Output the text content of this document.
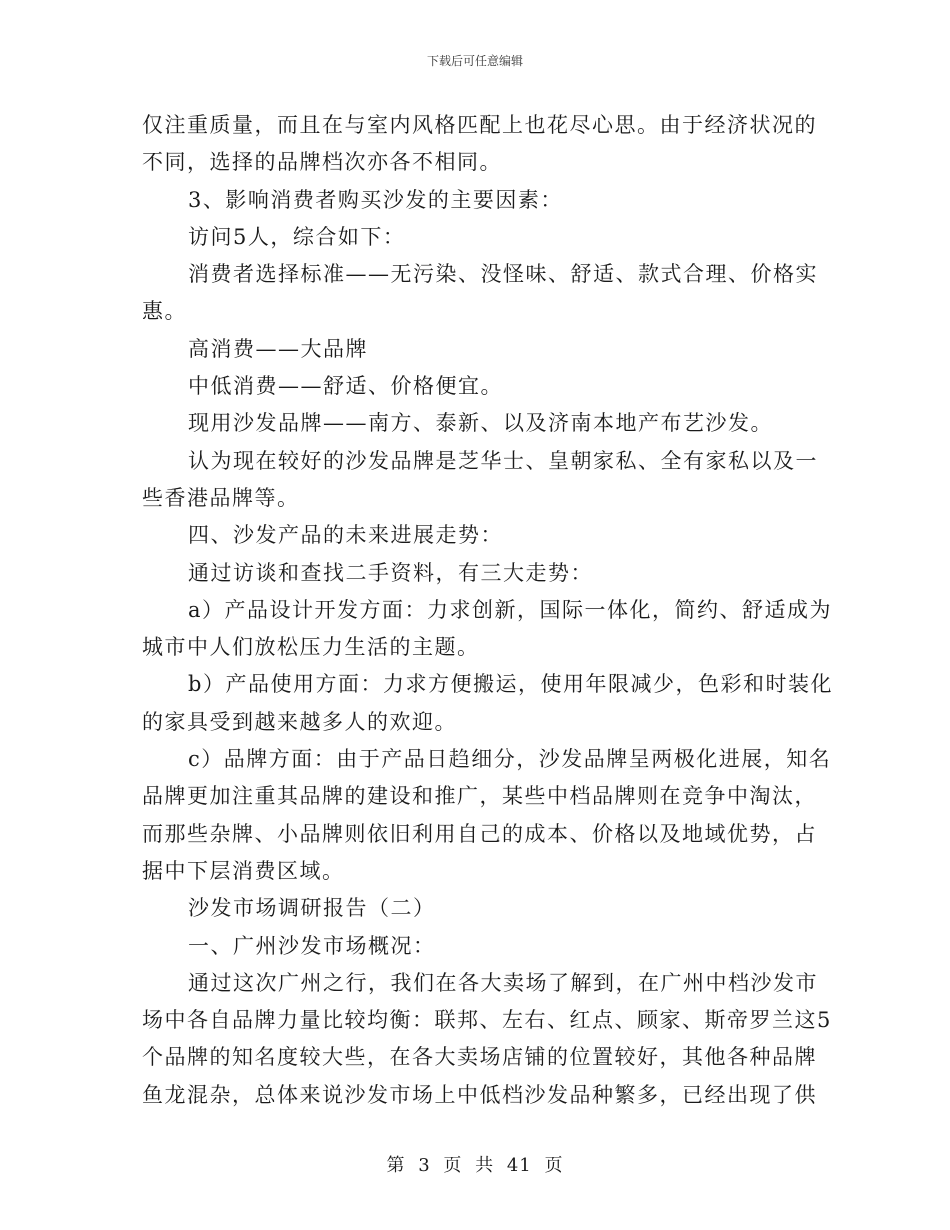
下载后可任意编辑

仅注重质量，而且在与室内风格匹配上也花尽心思。由于经济状况的

不同，选择的品牌档次亦各不相同。

3、影响消费者购买沙发的主要因素：

访问5人，综合如下：

消费者选择标准——无污染、没怪味、舒适、款式合理、价格实

惠。

高消费——大品牌

中低消费——舒适、价格便宜。

现用沙发品牌——南方、泰新、以及济南本地产布艺沙发。

认为现在较好的沙发品牌是芝华士、皇朝家私、全有家私以及一

些香港品牌等。

四、沙发产品的未来进展走势：

通过访谈和查找二手资料，有三大走势：

a）产品设计开发方面：力求创新，国际一体化，简约、舒适成为

城市中人们放松压力生活的主题。

b）产品使用方面：力求方便搬运，使用年限减少，色彩和时装化

的家具受到越来越多人的欢迎。

c）品牌方面：由于产品日趋细分，沙发品牌呈两极化进展，知名

品牌更加注重其品牌的建设和推广，某些中档品牌则在竞争中淘汰，

而那些杂牌、小品牌则依旧利用自己的成本、价格以及地域优势，占

据中下层消费区域。

沙发市场调研报告（二）

一、广州沙发市场概况：

通过这次广州之行，我们在各大卖场了解到，在广州中档沙发市

场中各自品牌力量比较均衡：联邦、左右、红点、顾家、斯帝罗兰这5

个品牌的知名度较大些，在各大卖场店铺的位置较好，其他各种品牌

鱼龙混杂，总体来说沙发市场上中低档沙发品种繁多，已经出现了供

第 3 页 共 41 页
